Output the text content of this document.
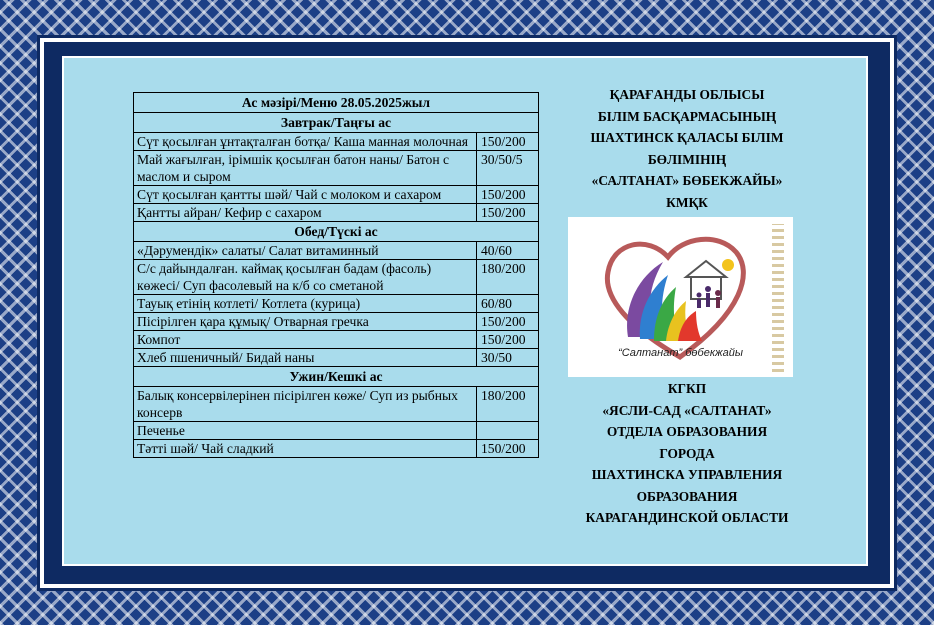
Ас мәзірі/Меню 28.05.2025жыл	
Завтрак/Таңғы ас	
Сүт қосылған ұнтақталған ботқа/ Каша манная молочная	150/200
Май жағылған, ірімшік қосылған батон наны/ Батон с маслом и сыром	30/50/5
Сүт қосылған қантты шәй/ Чай с молоком и сахаром	150/200
Қантты айран/ Кефир с сахаром	150/200
Обед/Түскі ас	
«Дәрумендік» салаты/ Салат витаминный	40/60
С/с дайындалған. каймақ қосылған бадам (фасоль) көжесі/ Суп фасолевый на к/б со сметаной	180/200
Тауық етінің котлеті/ Котлета (курица)	60/80
Пісірілген қара құмық/ Отварная гречка	150/200
Компот	150/200
Хлеб пшеничный/ Бидай наны	30/50
Ужин/Кешкі ас	
Балық консервілерінен пісірілген көже/ Суп из рыбных консерв	180/200
Печенье	
Тәтті шәй/ Чай сладкий	150/200
ҚАРАҒАНДЫ ОБЛЫСЫ
БІЛІМ БАСҚАРМАСЫНЫҢ
ШАХТИНСК ҚАЛАСЫ БІЛІМ
БӨЛІМІНІҢ
«САЛТАНАТ» БӨБЕКЖАЙЫ»
КМҚК
“Салтанат” бөбекжайы
КГКП
«ЯСЛИ-САД «САЛТАНАТ»
ОТДЕЛА ОБРАЗОВАНИЯ
ГОРОДА
ШАХТИНСКА УПРАВЛЕНИЯ
ОБРАЗОВАНИЯ
КАРАГАНДИНСКОЙ ОБЛАСТИ
